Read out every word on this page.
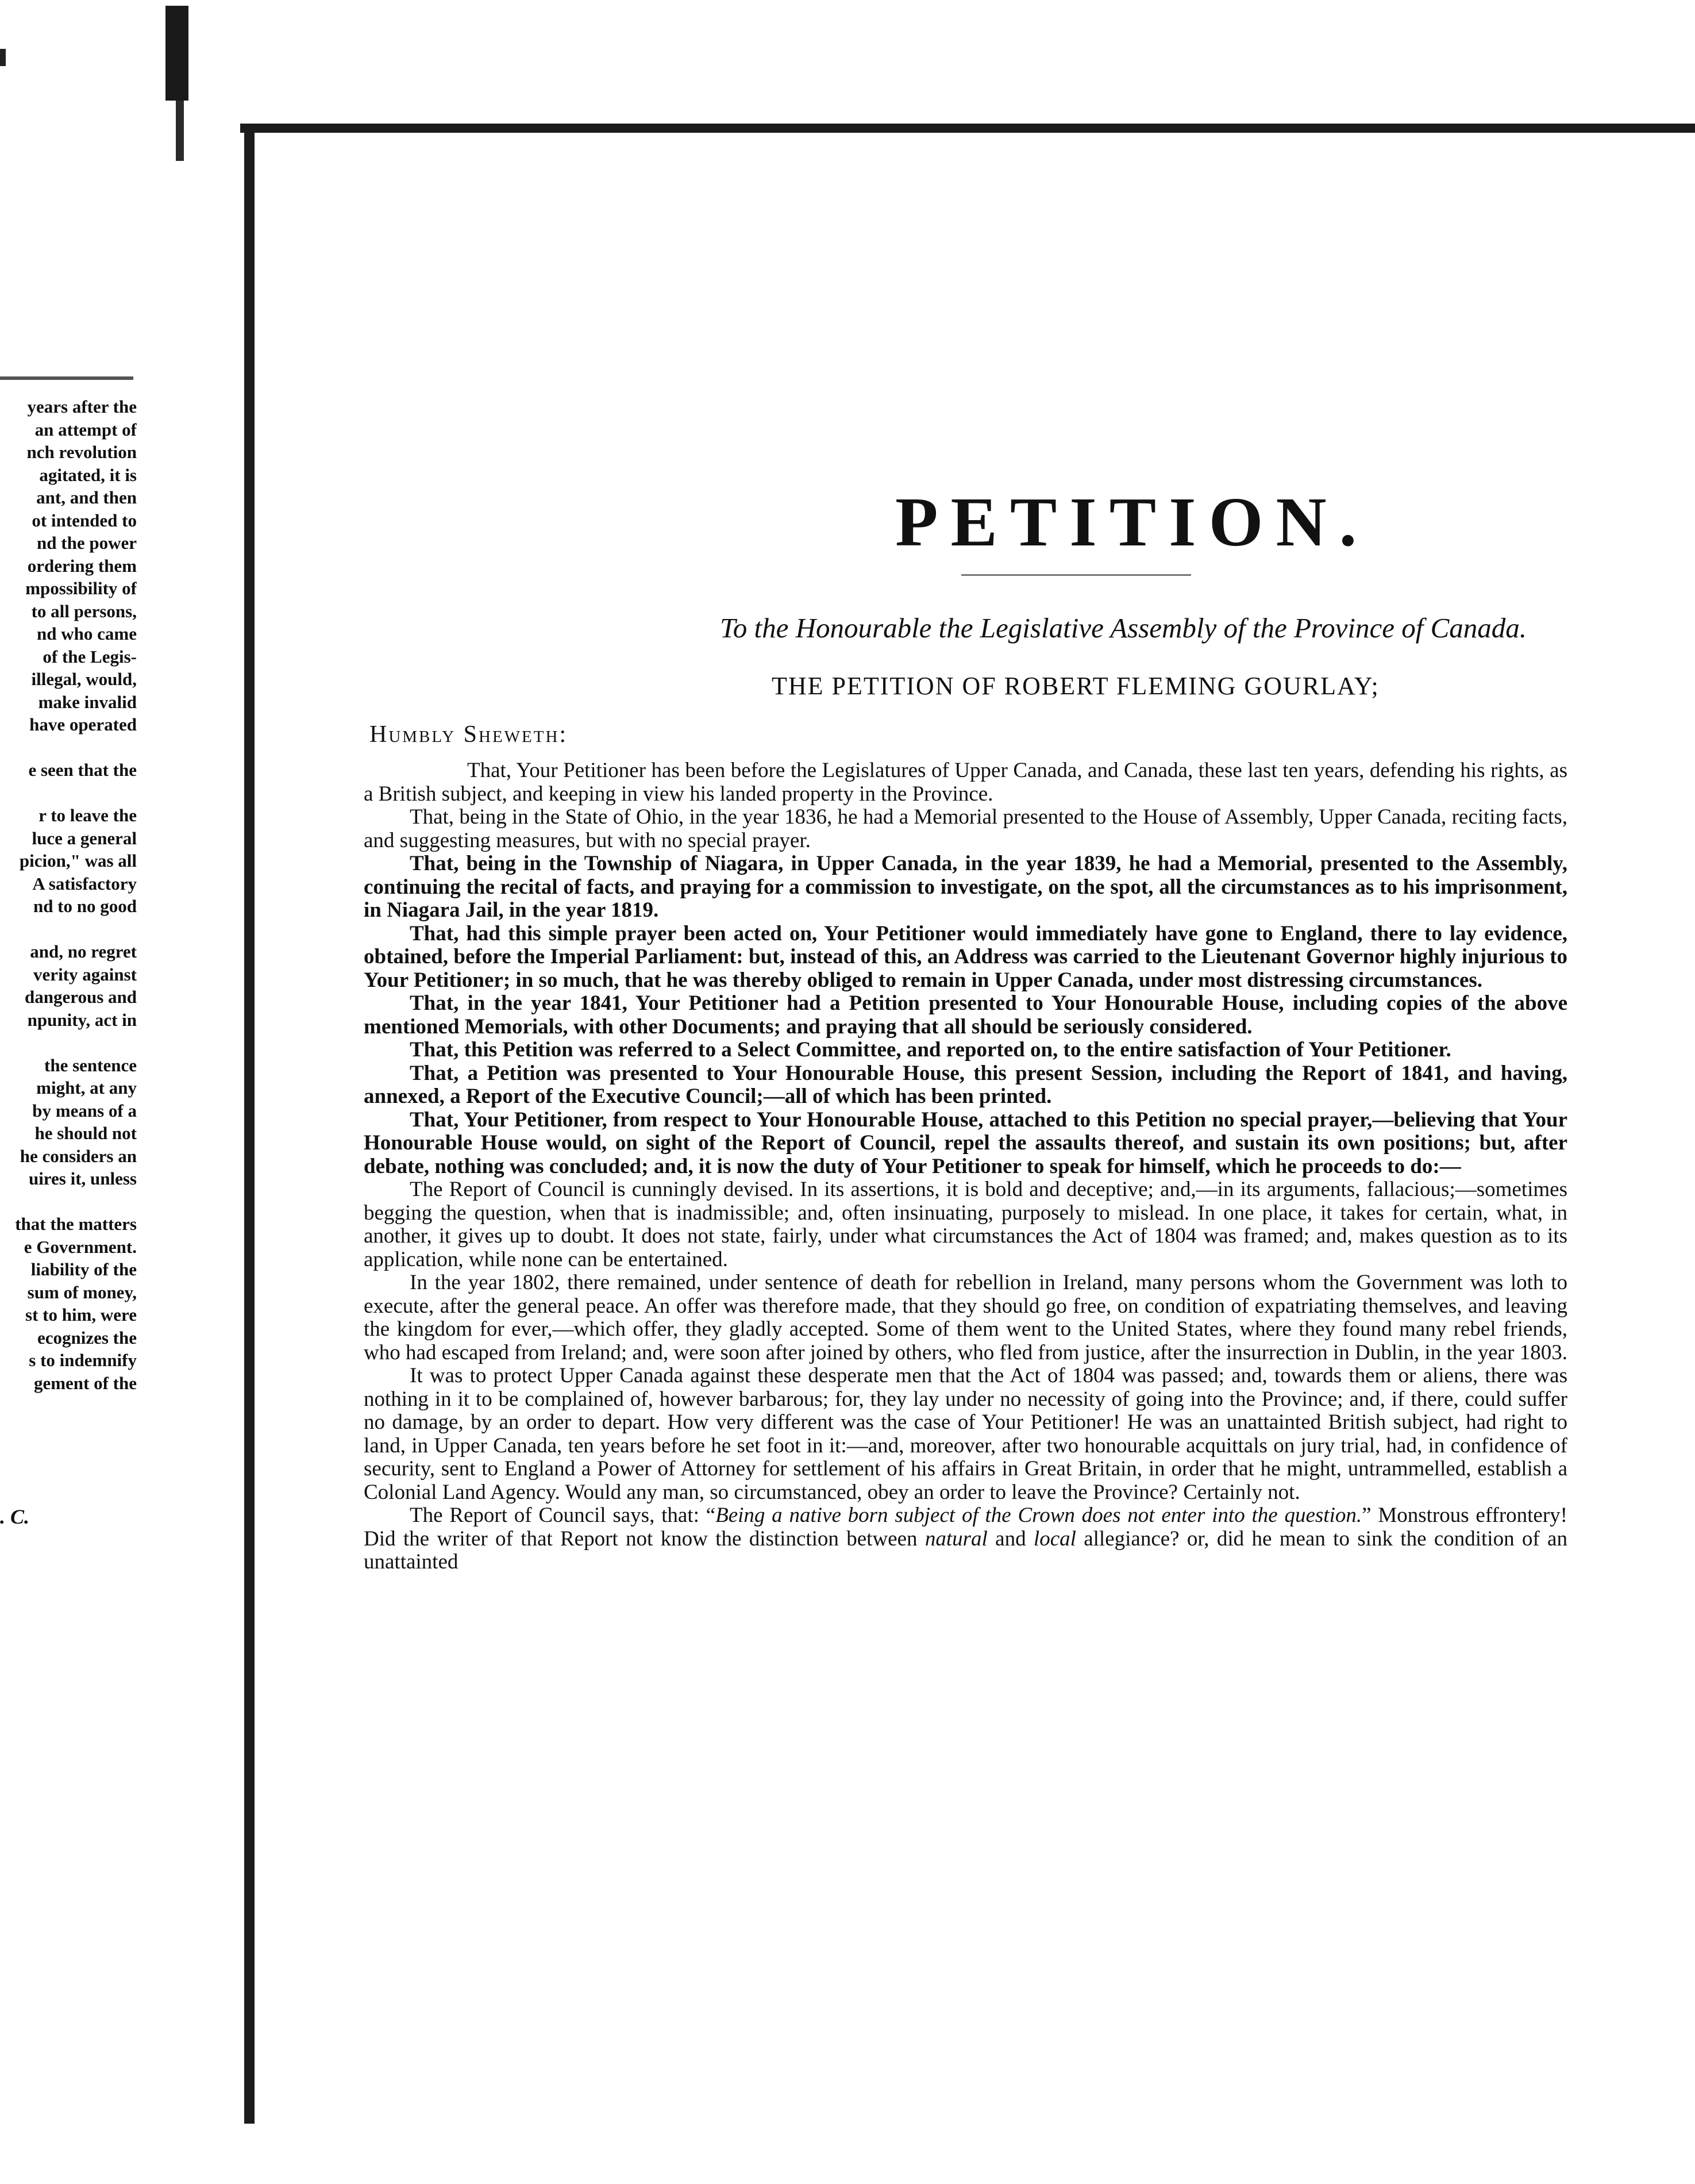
years after the
an attempt of
nch revolution
agitated, it is
ant, and then
ot intended to
nd the power
ordering them
mpossibility of
to all persons,
nd who came
of the Legis-
illegal, would,
make invalid
have operated
e seen that the
r to leave the
luce a general
picion," was all
A satisfactory
nd to no good
and, no regret
verity against
dangerous and
npunity, act in
the sentence
might, at any
by means of a
he should not
he considers an
uires it, unless
that the matters
e Government.
liability of the
sum of money,
st to him, were
ecognizes the
s to indemnify
gement of the
. C.
PETITION.
To the Honourable the Legislative Assembly of the Province of Canada.
THE PETITION OF ROBERT FLEMING GOURLAY;
Humbly Sheweth:

That, Your Petitioner has been before the Legislatures of Upper Canada, and Canada, these last ten years, defending his rights, as a British subject, and keeping in view his landed property in the Province.

That, being in the State of Ohio, in the year 1836, he had a Memorial presented to the House of Assembly, Upper Canada, reciting facts, and suggesting measures, but with no special prayer.

That, being in the Township of Niagara, in Upper Canada, in the year 1839, he had a Memorial, presented to the Assembly, continuing the recital of facts, and praying for a commission to investigate, on the spot, all the circumstances as to his imprisonment, in Niagara Jail, in the year 1819.

That, had this simple prayer been acted on, Your Petitioner would immediately have gone to England, there to lay evidence, obtained, before the Imperial Parliament: but, instead of this, an Address was carried to the Lieutenant Governor highly injurious to Your Petitioner; in so much, that he was thereby obliged to remain in Upper Canada, under most distressing circumstances.

That, in the year 1841, Your Petitioner had a Petition presented to Your Honourable House, including copies of the above mentioned Memorials, with other Documents; and praying that all should be seriously considered.

That, this Petition was referred to a Select Committee, and reported on, to the entire satisfaction of Your Petitioner.

That, a Petition was presented to Your Honourable House, this present Session, including the Report of 1841, and having, annexed, a Report of the Executive Council;—all of which has been printed.

That, Your Petitioner, from respect to Your Honourable House, attached to this Petition no special prayer,—believing that Your Honourable House would, on sight of the Report of Council, repel the assaults thereof, and sustain its own positions; but, after debate, nothing was concluded; and, it is now the duty of Your Petitioner to speak for himself, which he proceeds to do:—

The Report of Council is cunningly devised. In its assertions, it is bold and deceptive; and,—in its arguments, fallacious;—sometimes begging the question, when that is inadmissible; and, often insinuating, purposely to mislead. In one place, it takes for certain, what, in another, it gives up to doubt. It does not state, fairly, under what circumstances the Act of 1804 was framed; and, makes question as to its application, while none can be entertained.

In the year 1802, there remained, under sentence of death for rebellion in Ireland, many persons whom the Government was loth to execute, after the general peace. An offer was therefore made, that they should go free, on condition of expatriating themselves, and leaving the kingdom for ever,—which offer, they gladly accepted. Some of them went to the United States, where they found many rebel friends, who had escaped from Ireland; and, were soon after joined by others, who fled from justice, after the insurrection in Dublin, in the year 1803.

It was to protect Upper Canada against these desperate men that the Act of 1804 was passed; and, towards them or aliens, there was nothing in it to be complained of, however barbarous; for, they lay under no necessity of going into the Province; and, if there, could suffer no damage, by an order to depart. How very different was the case of Your Petitioner! He was an unattainted British subject, had right to land, in Upper Canada, ten years before he set foot in it:—and, moreover, after two honourable acquittals on jury trial, had, in confidence of security, sent to England a Power of Attorney for settlement of his affairs in Great Britain, in order that he might, untrammelled, establish a Colonial Land Agency. Would any man, so circumstanced, obey an order to leave the Province? Certainly not.

The Report of Council says, that: “Being a native born subject of the Crown does not enter into the question.” Monstrous effrontery! Did the writer of that Report not know the distinction between natural and local allegiance? or, did he mean to sink the condition of an unattainted
